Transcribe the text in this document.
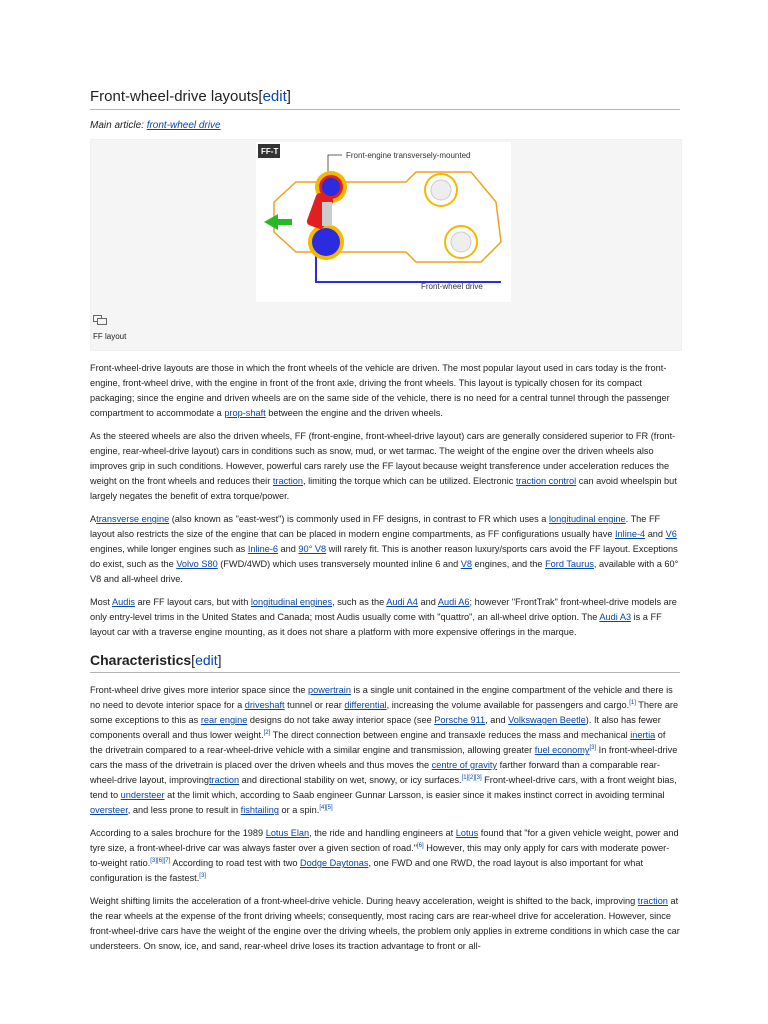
Front-wheel-drive layouts[edit]
Main article: front-wheel drive
FF-T	Front-engine transversely-mounted
Front-wheel drive
FF layout

Front-wheel-drive layouts are those in which the front wheels of the vehicle are driven. The most popular layout used in cars today is the front-engine, front-wheel drive, with the engine in front of the front axle, driving the front wheels. This layout is typically chosen for its compact packaging; since the engine and driven wheels are on the same side of the vehicle, there is no need for a central tunnel through the passenger compartment to accommodate a prop-shaft between the engine and the driven wheels.

As the steered wheels are also the driven wheels, FF (front-engine, front-wheel-drive layout) cars are generally considered superior to FR (front-engine, rear-wheel-drive layout) cars in conditions such as snow, mud, or wet tarmac. The weight of the engine over the driven wheels also improves grip in such conditions. However, powerful cars rarely use the FF layout because weight transference under acceleration reduces the weight on the front wheels and reduces their traction, limiting the torque which can be utilized. Electronic traction control can avoid wheelspin but largely negates the benefit of extra torque/power.

Atransverse engine (also known as "east-west") is commonly used in FF designs, in contrast to FR which uses a longitudinal engine. The FF layout also restricts the size of the engine that can be placed in modern engine compartments, as FF configurations usually have Inline-4 and V6 engines, while longer engines such as Inline-6 and 90° V8 will rarely fit. This is another reason luxury/sports cars avoid the FF layout. Exceptions do exist, such as the Volvo S80 (FWD/4WD) which uses transversely mounted inline 6 and V8 engines, and the Ford Taurus, available with a 60° V8 and all-wheel drive.

Most Audis are FF layout cars, but with longitudinal engines, such as the Audi A4 and Audi A6; however "FrontTrak" front-wheel-drive models are only entry-level trims in the United States and Canada; most Audis usually come with "quattro", an all-wheel drive option. The Audi A3 is a FF layout car with a traverse engine mounting, as it does not share a platform with more expensive offerings in the marque.

Characteristics[edit]

Front-wheel drive gives more interior space since the powertrain is a single unit contained in the engine compartment of the vehicle and there is no need to devote interior space for a driveshaft tunnel or rear differential, increasing the volume available for passengers and cargo.[1] There are some exceptions to this as rear engine designs do not take away interior space (see Porsche 911, and Volkswagen Beetle). It also has fewer components overall and thus lower weight.[2] The direct connection between engine and transaxle reduces the mass and mechanical inertia of the drivetrain compared to a rear-wheel-drive vehicle with a similar engine and transmission, allowing greater fuel economy[3] In front-wheel-drive cars the mass of the drivetrain is placed over the driven wheels and thus moves the centre of gravity farther forward than a comparable rear-wheel-drive layout, improvingtraction and directional stability on wet, snowy, or icy surfaces.[1][2][3] Front-wheel-drive cars, with a front weight bias, tend to understeer at the limit which, according to Saab engineer Gunnar Larsson, is easier since it makes instinct correct in avoiding terminal oversteer, and less prone to result in fishtailing or a spin.[4][5]

According to a sales brochure for the 1989 Lotus Elan, the ride and handling engineers at Lotus found that "for a given vehicle weight, power and tyre size, a front-wheel-drive car was always faster over a given section of road."[6] However, this may only apply for cars with moderate power-to-weight ratio.[3][6][7] According to road test with two Dodge Daytonas, one FWD and one RWD, the road layout is also important for what configuration is the fastest.[3]

Weight shifting limits the acceleration of a front-wheel-drive vehicle. During heavy acceleration, weight is shifted to the back, improving traction at the rear wheels at the expense of the front driving wheels; consequently, most racing cars are rear-wheel drive for acceleration. However, since front-wheel-drive cars have the weight of the engine over the driving wheels, the problem only applies in extreme conditions in which case the car understeers. On snow, ice, and sand, rear-wheel drive loses its traction advantage to front or all-
